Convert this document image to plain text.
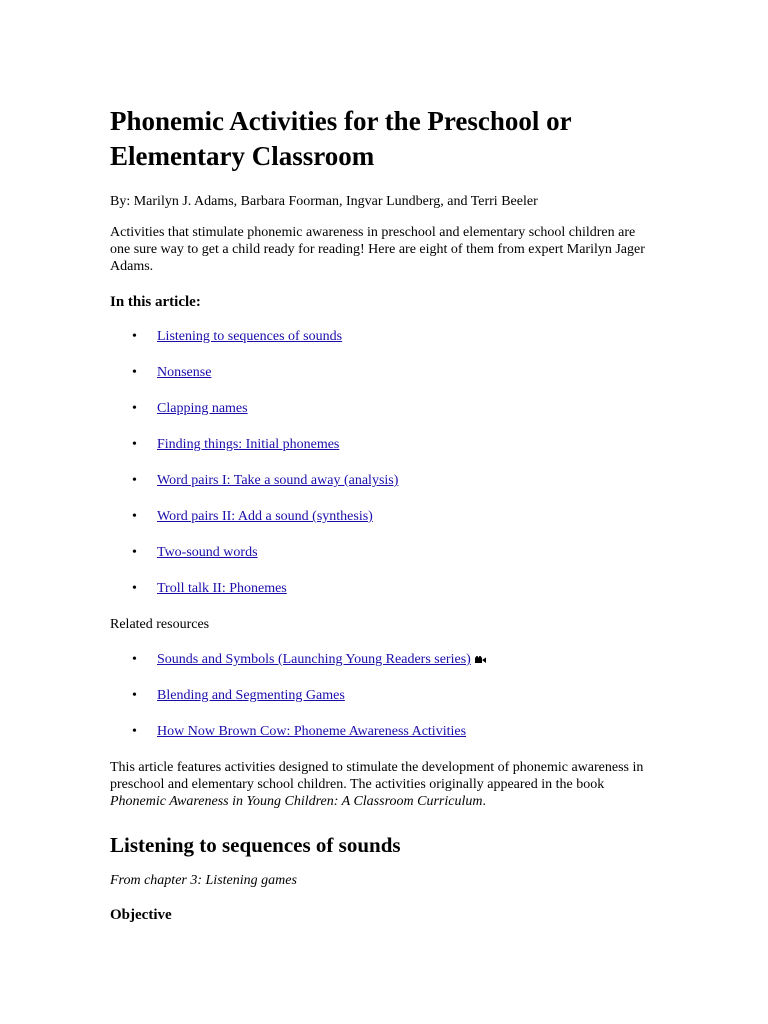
Phonemic Activities for the Preschool or Elementary Classroom

By: Marilyn J. Adams, Barbara Foorman, Ingvar Lundberg, and Terri Beeler

Activities that stimulate phonemic awareness in preschool and elementary school children are one sure way to get a child ready for reading! Here are eight of them from expert Marilyn Jager Adams.

In this article:
• Listening to sequences of sounds
• Nonsense
• Clapping names
• Finding things: Initial phonemes
• Word pairs I: Take a sound away (analysis)
• Word pairs II: Add a sound (synthesis)
• Two-sound words
• Troll talk II: Phonemes

Related resources

• Sounds and Symbols (Launching Young Readers series)
• Blending and Segmenting Games
• How Now Brown Cow: Phoneme Awareness Activities

This article features activities designed to stimulate the development of phonemic awareness in preschool and elementary school children. The activities originally appeared in the book Phonemic Awareness in Young Children: A Classroom Curriculum.

Listening to sequences of sounds

From chapter 3: Listening games

Objective
